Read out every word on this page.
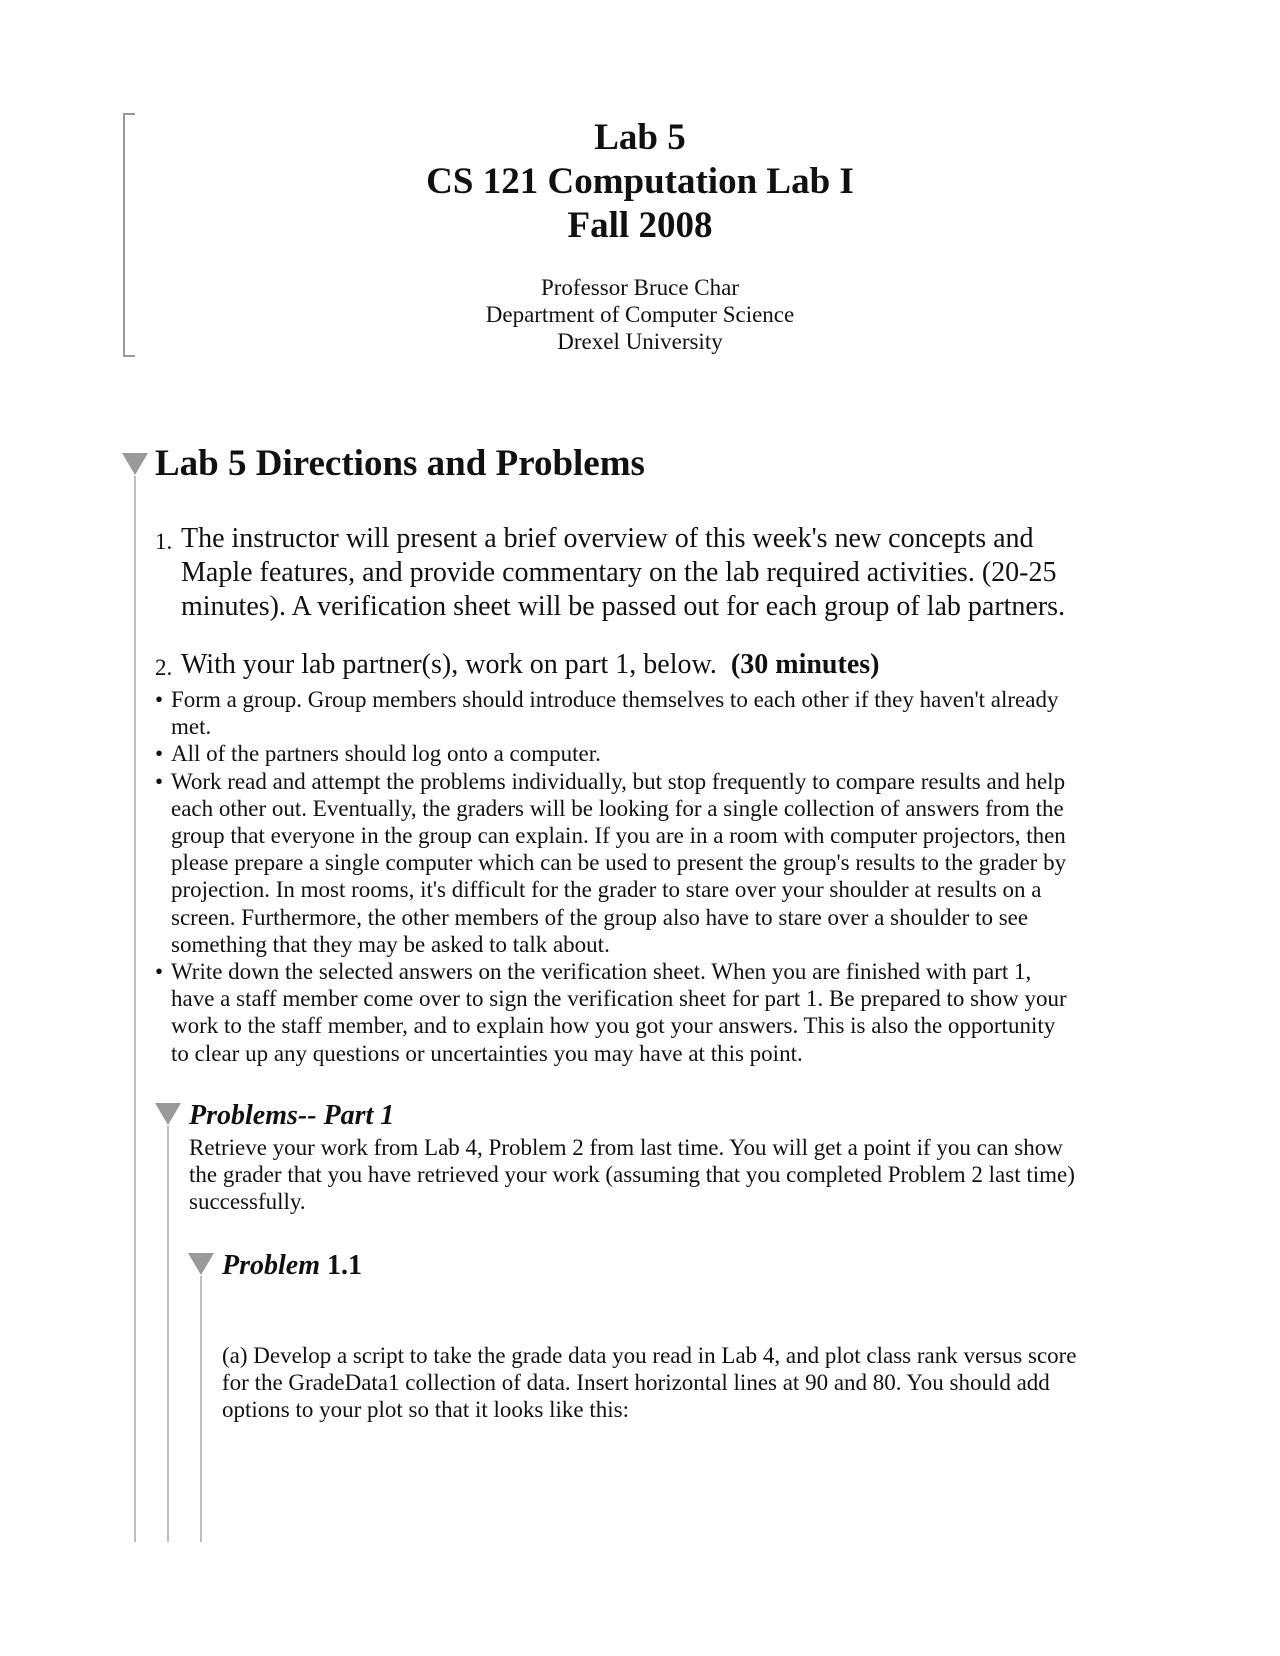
Lab 5
CS 121 Computation Lab I
Fall 2008
Professor Bruce Char
Department of Computer Science
Drexel University
Lab 5 Directions and Problems
1. The instructor will present a brief overview of this week's new concepts and
Maple features, and provide commentary on the lab required activities. (20-25
minutes). A verification sheet will be passed out for each group of lab partners.
2. With your lab partner(s), work on part 1, below. (30 minutes)
• Form a group. Group members should introduce themselves to each other if they haven't already
met.
• All of the partners should log onto a computer.
• Work read and attempt the problems individually, but stop frequently to compare results and help
each other out. Eventually, the graders will be looking for a single collection of answers from the
group that everyone in the group can explain. If you are in a room with computer projectors, then
please prepare a single computer which can be used to present the group's results to the grader by
projection. In most rooms, it's difficult for the grader to stare over your shoulder at results on a
screen. Furthermore, the other members of the group also have to stare over a shoulder to see
something that they may be asked to talk about.
• Write down the selected answers on the verification sheet. When you are finished with part 1,
have a staff member come over to sign the verification sheet for part 1. Be prepared to show your
work to the staff member, and to explain how you got your answers. This is also the opportunity
to clear up any questions or uncertainties you may have at this point.
Problems-- Part 1
Retrieve your work from Lab 4, Problem 2 from last time. You will get a point if you can show
the grader that you have retrieved your work (assuming that you completed Problem 2 last time)
successfully.
Problem 1.1
(a) Develop a script to take the grade data you read in Lab 4, and plot class rank versus score
for the GradeData1 collection of data. Insert horizontal lines at 90 and 80. You should add
options to your plot so that it looks like this:
